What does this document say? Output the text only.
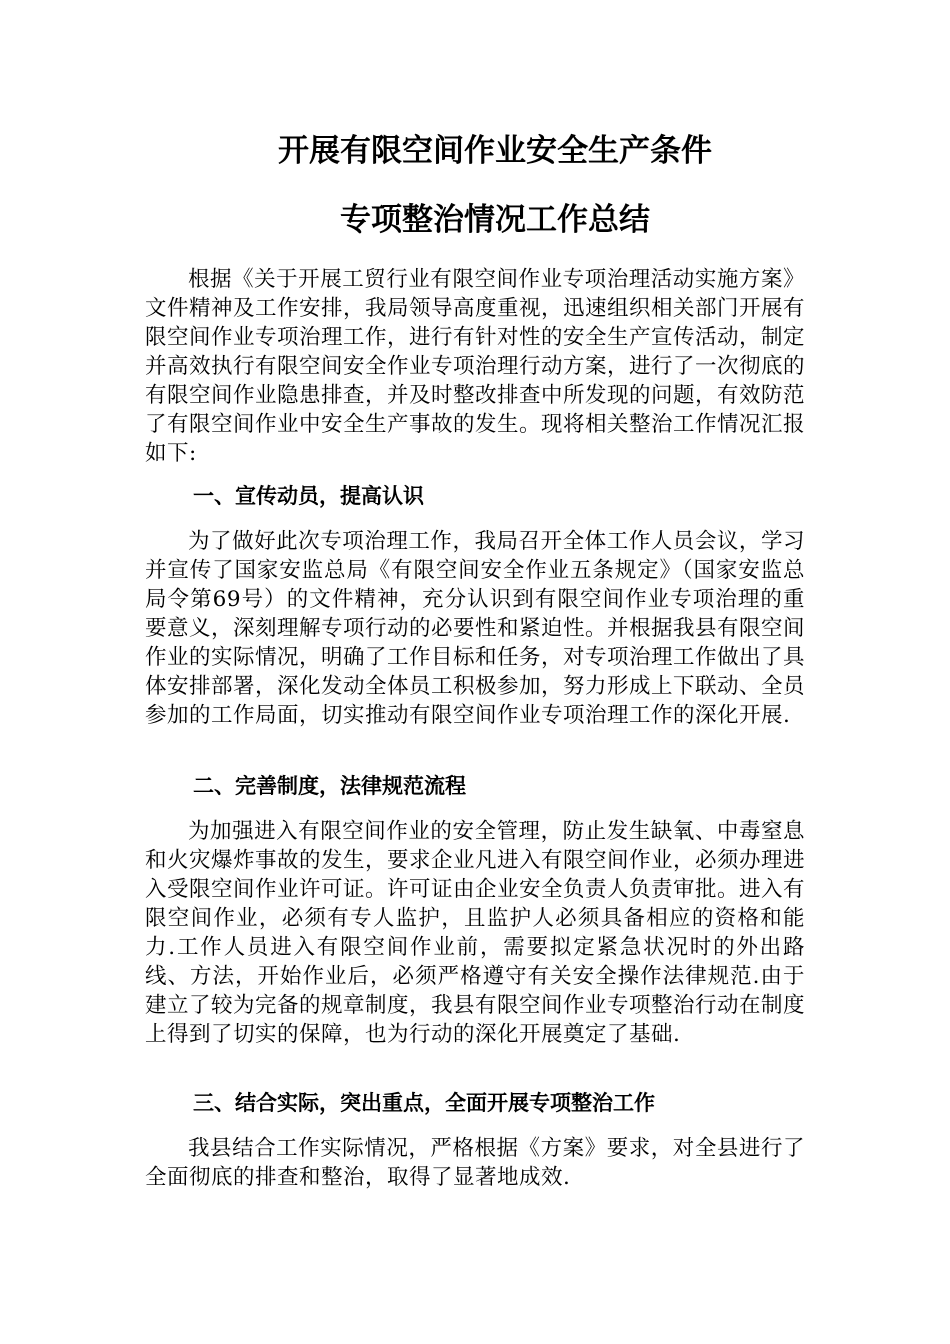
开展有限空间作业安全生产条件
专项整治情况工作总结

根据《关于开展工贸行业有限空间作业专项治理活动实施方案》文件精神及工作安排，我局领导高度重视，迅速组织相关部门开展有限空间作业专项治理工作，进行有针对性的安全生产宣传活动，制定并高效执行有限空间安全作业专项治理行动方案，进行了一次彻底的有限空间作业隐患排查，并及时整改排查中所发现的问题，有效防范了有限空间作业中安全生产事故的发生。现将相关整治工作情况汇报如下:

一、宣传动员，提高认识

为了做好此次专项治理工作，我局召开全体工作人员会议，学习并宣传了国家安监总局《有限空间安全作业五条规定》（国家安监总局令第69号）的文件精神，充分认识到有限空间作业专项治理的重要意义，深刻理解专项行动的必要性和紧迫性。并根据我县有限空间作业的实际情况，明确了工作目标和任务，对专项治理工作做出了具体安排部署，深化发动全体员工积极参加，努力形成上下联动、全员参加的工作局面，切实推动有限空间作业专项治理工作的深化开展.

二、完善制度，法律规范流程

为加强进入有限空间作业的安全管理，防止发生缺氧、中毒窒息和火灾爆炸事故的发生，要求企业凡进入有限空间作业，必须办理进入受限空间作业许可证。许可证由企业安全负责人负责审批。进入有限空间作业，必须有专人监护，且监护人必须具备相应的资格和能力.工作人员进入有限空间作业前，需要拟定紧急状况时的外出路线、方法，开始作业后，必须严格遵守有关安全操作法律规范.由于建立了较为完备的规章制度，我县有限空间作业专项整治行动在制度上得到了切实的保障，也为行动的深化开展奠定了基础.

三、结合实际，突出重点，全面开展专项整治工作

我县结合工作实际情况，严格根据《方案》要求，对全县进行了全面彻底的排查和整治，取得了显著地成效.
